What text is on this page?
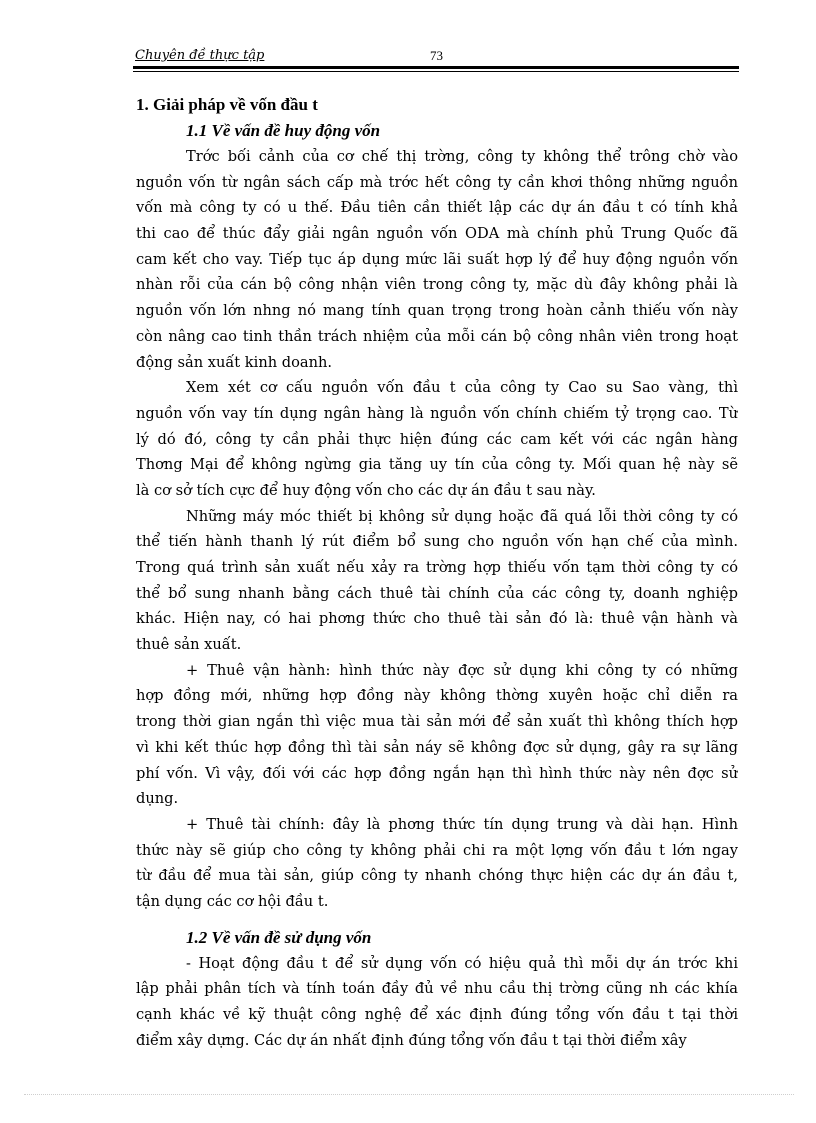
Chuyên đề thực tập	73
1. Giải pháp về vốn đầu t
1.1 Về vấn đề huy động vốn
Trớc bối cảnh của cơ chế thị trờng, công ty không thể trông chờ vào
nguồn vốn từ ngân sách cấp mà trớc hết công ty cần khơi thông những nguồn
vốn mà công ty có u thế. Đầu tiên cần thiết lập các dự án đầu t có tính khả
thi cao để thúc đẩy giải ngân nguồn vốn ODA mà chính phủ Trung Quốc đã
cam kết cho vay. Tiếp tục áp dụng mức lãi suất hợp lý để huy động nguồn vốn
nhàn rỗi của cán bộ công nhận viên trong công ty, mặc dù đây không phải là
nguồn vốn lớn nhng nó mang tính quan trọng trong hoàn cảnh thiếu vốn này
còn nâng cao tinh thần trách nhiệm của mỗi cán bộ công nhân viên trong hoạt
động sản xuất kinh doanh.
Xem xét cơ cấu nguồn vốn đầu t của công ty Cao su Sao vàng, thì
nguồn vốn vay tín dụng ngân hàng là nguồn vốn chính chiếm tỷ trọng cao. Từ
lý dó đó, công ty cần phải thực hiện đúng các cam kết với các ngân hàng
Thơng Mại để không ngừng gia tăng uy tín của công ty. Mối quan hệ này sẽ
là cơ sở tích cực để huy động vốn cho các dự án đầu t sau này.
Những máy móc thiết bị không sử dụng hoặc đã quá lỗi thời công ty có
thể tiến hành thanh lý rút điểm bổ sung cho nguồn vốn hạn chế của mình.
Trong quá trình sản xuất nếu xảy ra trờng hợp thiếu vốn tạm thời công ty có
thể bổ sung nhanh bằng cách thuê tài chính của các công ty, doanh nghiệp
khác. Hiện nay, có hai phơng thức cho thuê tài sản đó là: thuê vận hành và
thuê sản xuất.
+ Thuê vận hành: hình thức này đợc sử dụng khi công ty có những
hợp đồng mới, những hợp đồng này không thờng xuyên hoặc chỉ diễn ra
trong thời gian ngắn thì việc mua tài sản mới để sản xuất thì không thích hợp
vì khi kết thúc hợp đồng thì tài sản náy sẽ không đợc sử dụng, gây ra sự lãng
phí vốn. Vì vậy, đối với các hợp đồng ngắn hạn thì hình thức này nên đợc sử
dụng.
+ Thuê tài chính: đây là phơng thức tín dụng trung và dài hạn. Hình
thức này sẽ giúp cho công ty không phải chi ra một lợng vốn đầu t lớn ngay
từ đầu để mua tài sản, giúp công ty nhanh chóng thực hiện các dự án đầu t,
tận dụng các cơ hội đầu t.
1.2 Về vấn đề sử dụng vốn
- Hoạt động đầu t để sử dụng vốn có hiệu quả thì mỗi dự án trớc khi
lập phải phân tích và tính toán đầy đủ về nhu cầu thị trờng cũng nh các khía
cạnh khác về kỹ thuật công nghệ để xác định đúng tổng vốn đầu t tại thời
điểm xây dựng. Các dự án nhất định đúng tổng vốn đầu t tại thời điểm xây
